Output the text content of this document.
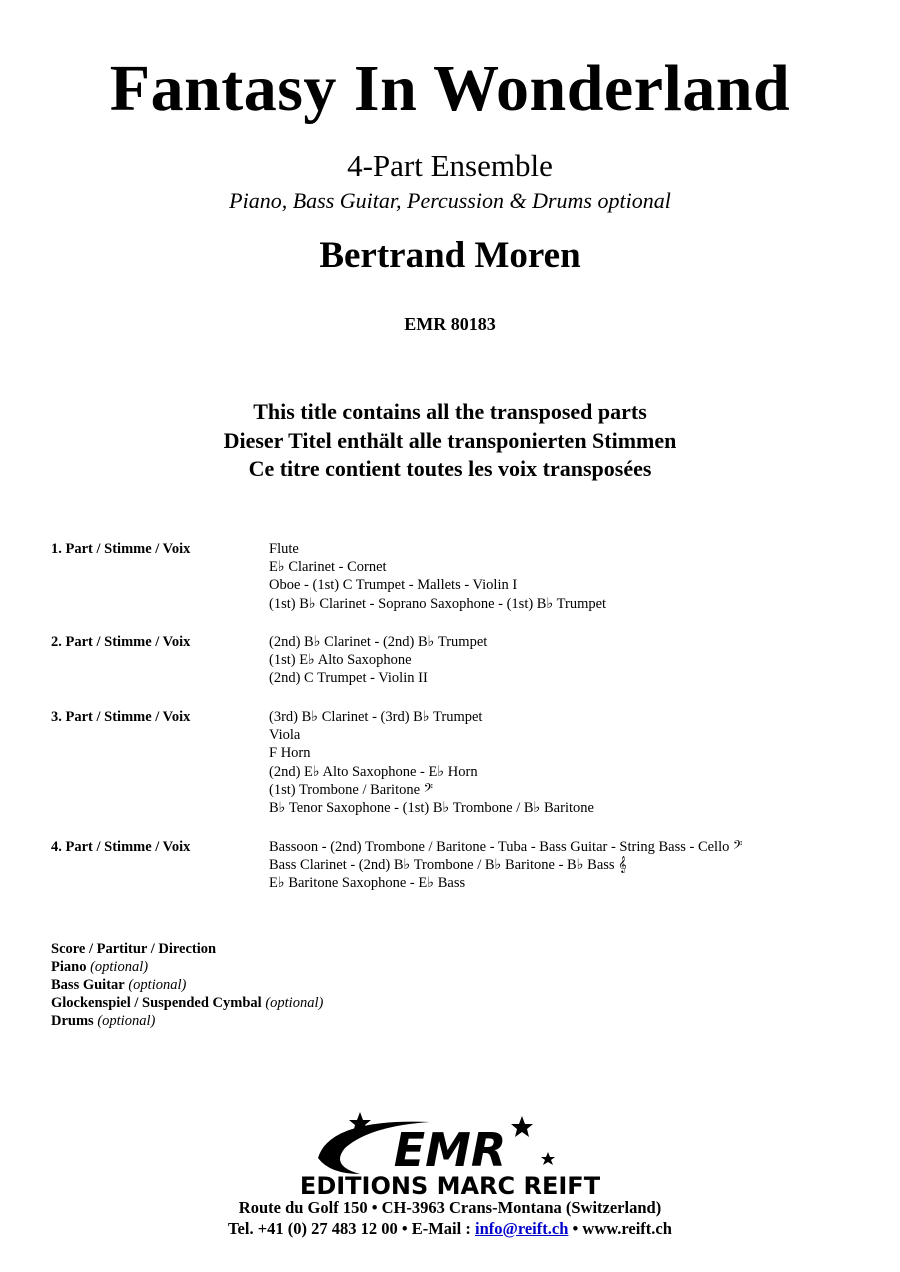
Fantasy In Wonderland
4-Part Ensemble
Piano, Bass Guitar, Percussion & Drums optional
Bertrand Moren
EMR 80183
This title contains all the transposed parts
Dieser Titel enthält alle transponierten Stimmen
Ce titre contient toutes les voix transposées
1. Part / Stimme / Voix	Flute
E♭ Clarinet - Cornet
Oboe - (1st) C Trumpet - Mallets - Violin I
(1st) B♭ Clarinet - Soprano Saxophone - (1st) B♭ Trumpet
2. Part / Stimme / Voix	(2nd) B♭ Clarinet - (2nd) B♭ Trumpet
(1st) E♭ Alto Saxophone
(2nd) C Trumpet - Violin II
3. Part / Stimme / Voix	(3rd) B♭ Clarinet - (3rd) B♭ Trumpet
Viola
F Horn
(2nd) E♭ Alto Saxophone - E♭ Horn
(1st) Trombone / Baritone 𝄢
B♭ Tenor Saxophone - (1st) B♭ Trombone / B♭ Baritone
4. Part / Stimme / Voix	Bassoon - (2nd) Trombone / Baritone - Tuba - Bass Guitar - String Bass - Cello 𝄢
Bass Clarinet - (2nd) B♭ Trombone / B♭ Baritone - B♭ Bass 𝄞
E♭ Baritone Saxophone - E♭ Bass
Score / Partitur / Direction
Piano (optional)
Bass Guitar (optional)
Glockenspiel / Suspended Cymbal (optional)
Drums (optional)
EMR
EDITIONS MARC REIFT
Route du Golf 150 • CH-3963 Crans-Montana (Switzerland)
Tel. +41 (0) 27 483 12 00 • E-Mail : info@reift.ch • www.reift.ch
